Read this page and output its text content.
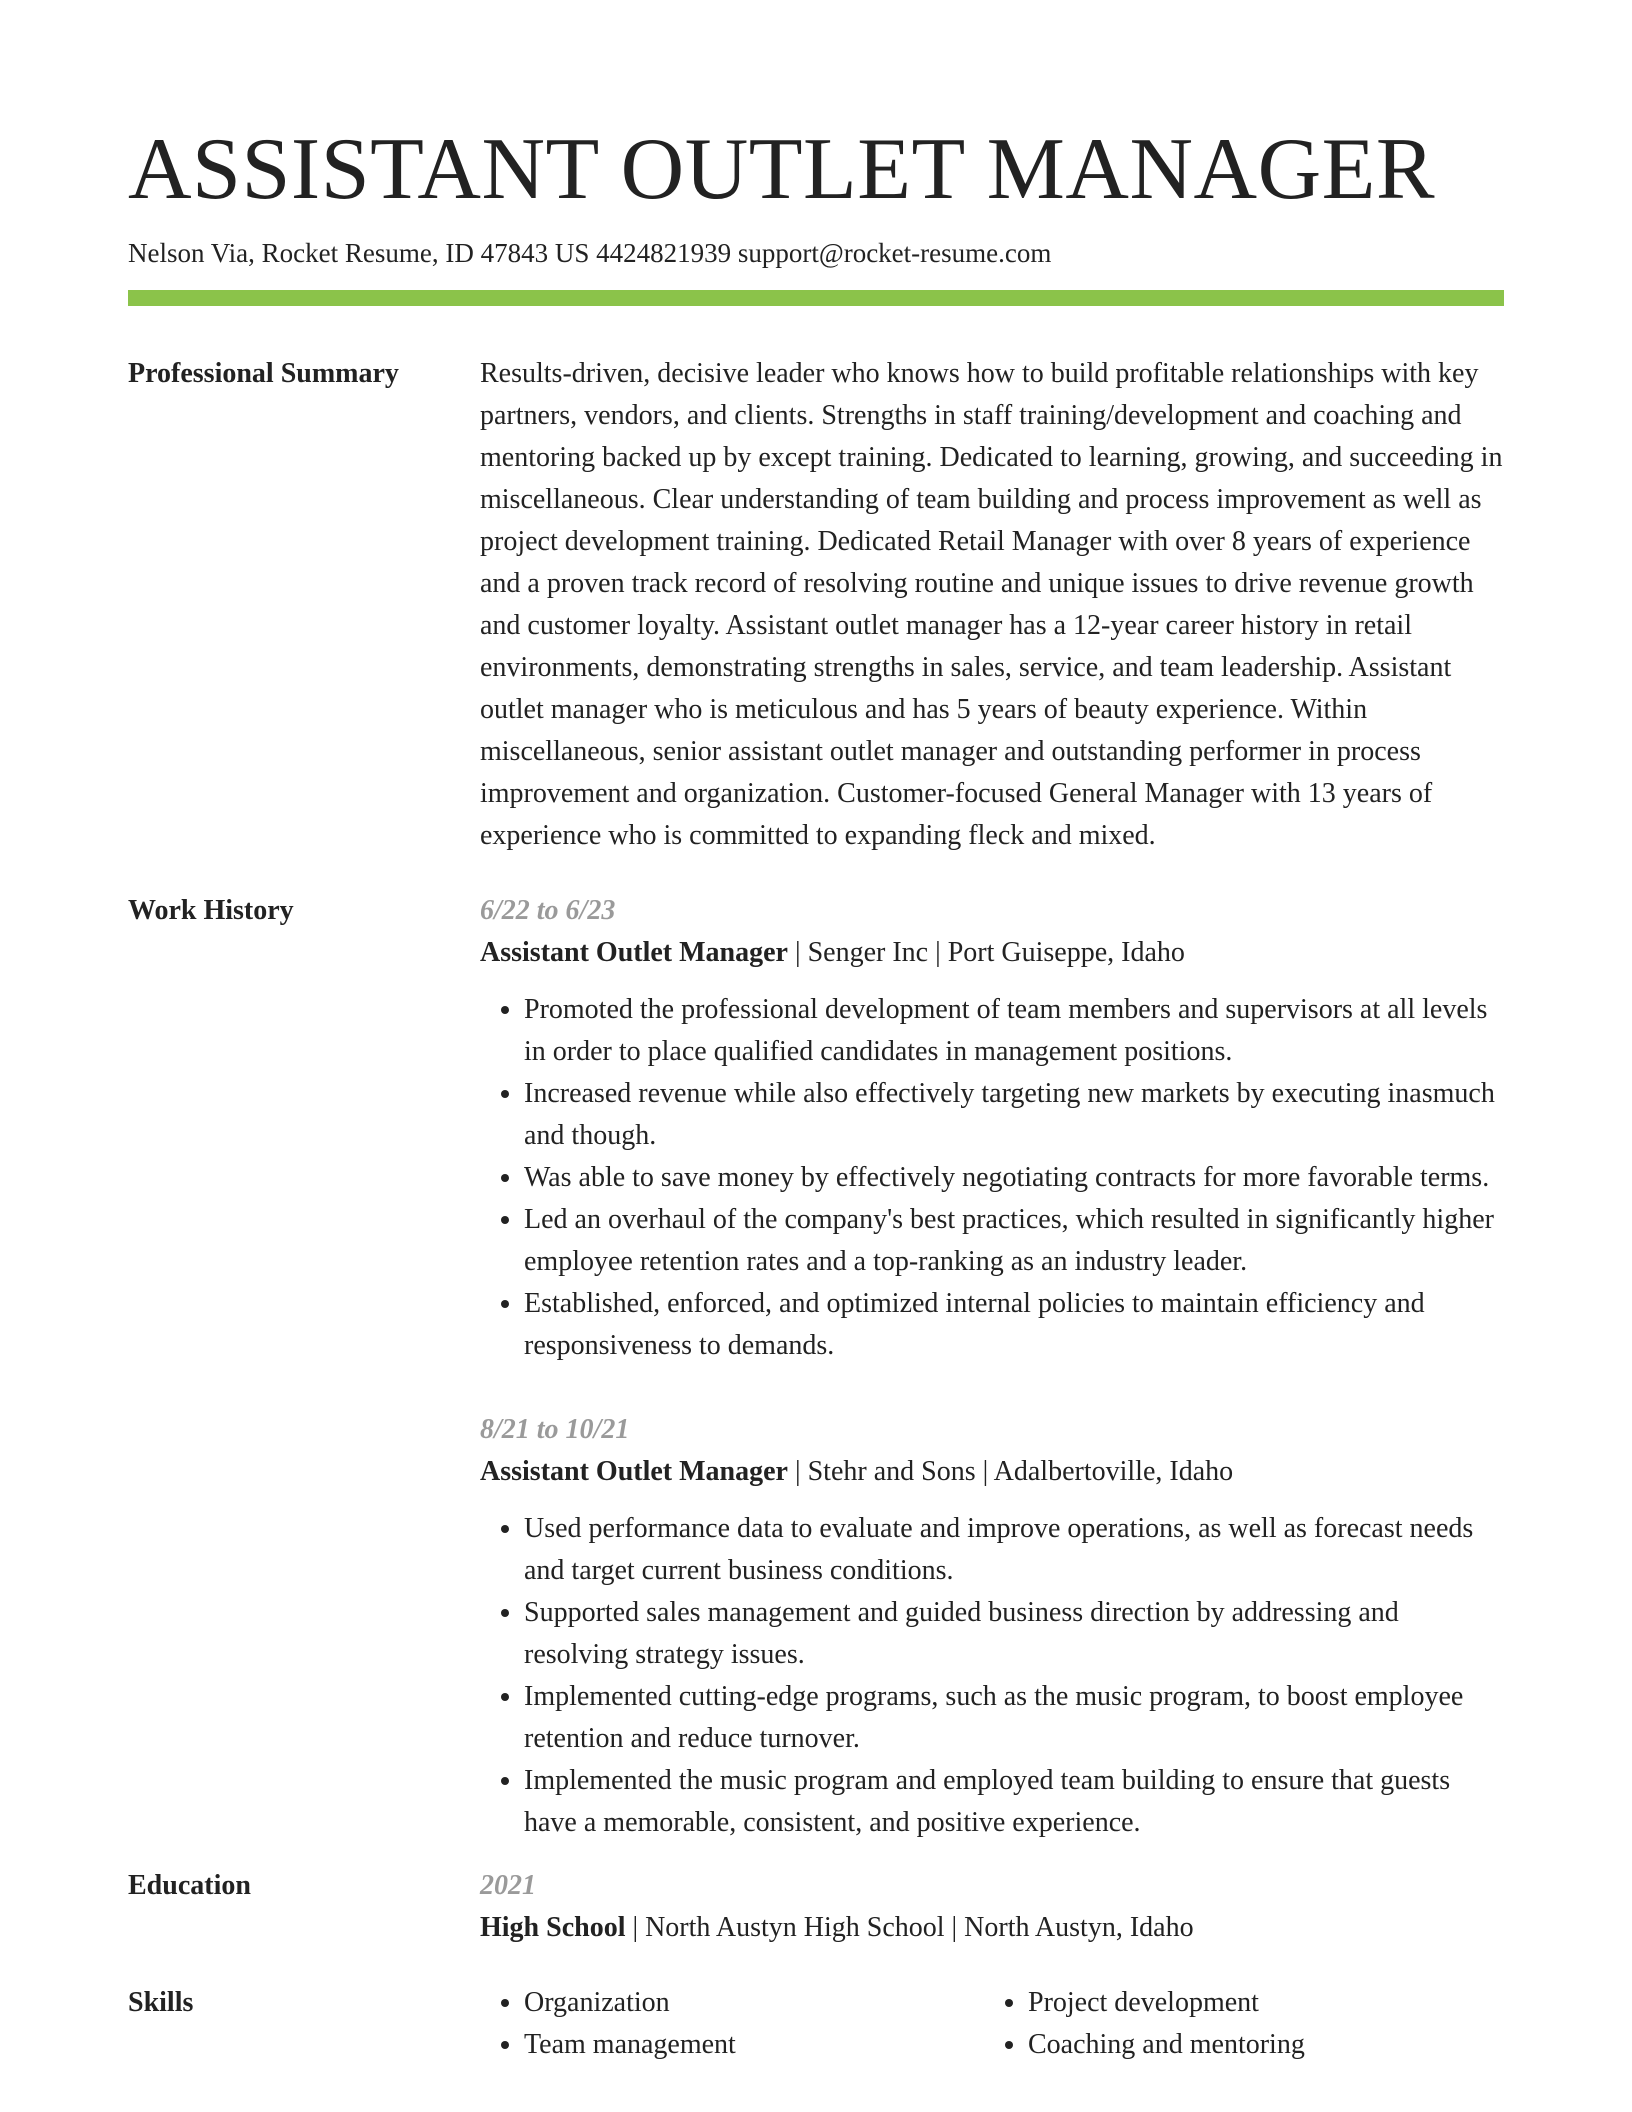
ASSISTANT OUTLET MANAGER
Nelson Via, Rocket Resume, ID 47843 US 4424821939 support@rocket-resume.com
Professional Summary	Results-driven, decisive leader who knows how to build profitable relationships with key partners, vendors, and clients. Strengths in staff training/development and coaching and mentoring backed up by except training. Dedicated to learning, growing, and succeeding in miscellaneous. Clear understanding of team building and process improvement as well as project development training. Dedicated Retail Manager with over 8 years of experience and a proven track record of resolving routine and unique issues to drive revenue growth and customer loyalty. Assistant outlet manager has a 12-year career history in retail environments, demonstrating strengths in sales, service, and team leadership. Assistant outlet manager who is meticulous and has 5 years of beauty experience. Within miscellaneous, senior assistant outlet manager and outstanding performer in process improvement and organization. Customer-focused General Manager with 13 years of experience who is committed to expanding fleck and mixed.
Work History	6/22 to 6/23
Assistant Outlet Manager | Senger Inc | Port Guiseppe, Idaho
• Promoted the professional development of team members and supervisors at all levels in order to place qualified candidates in management positions.
• Increased revenue while also effectively targeting new markets by executing inasmuch and though.
• Was able to save money by effectively negotiating contracts for more favorable terms.
• Led an overhaul of the company's best practices, which resulted in significantly higher employee retention rates and a top-ranking as an industry leader.
• Established, enforced, and optimized internal policies to maintain efficiency and responsiveness to demands.
8/21 to 10/21
Assistant Outlet Manager | Stehr and Sons | Adalbertoville, Idaho
• Used performance data to evaluate and improve operations, as well as forecast needs and target current business conditions.
• Supported sales management and guided business direction by addressing and resolving strategy issues.
• Implemented cutting-edge programs, such as the music program, to boost employee retention and reduce turnover.
• Implemented the music program and employed team building to ensure that guests have a memorable, consistent, and positive experience.
Education	2021
High School | North Austyn High School | North Austyn, Idaho
Skills	• Organization	• Project development
• Team management	• Coaching and mentoring
